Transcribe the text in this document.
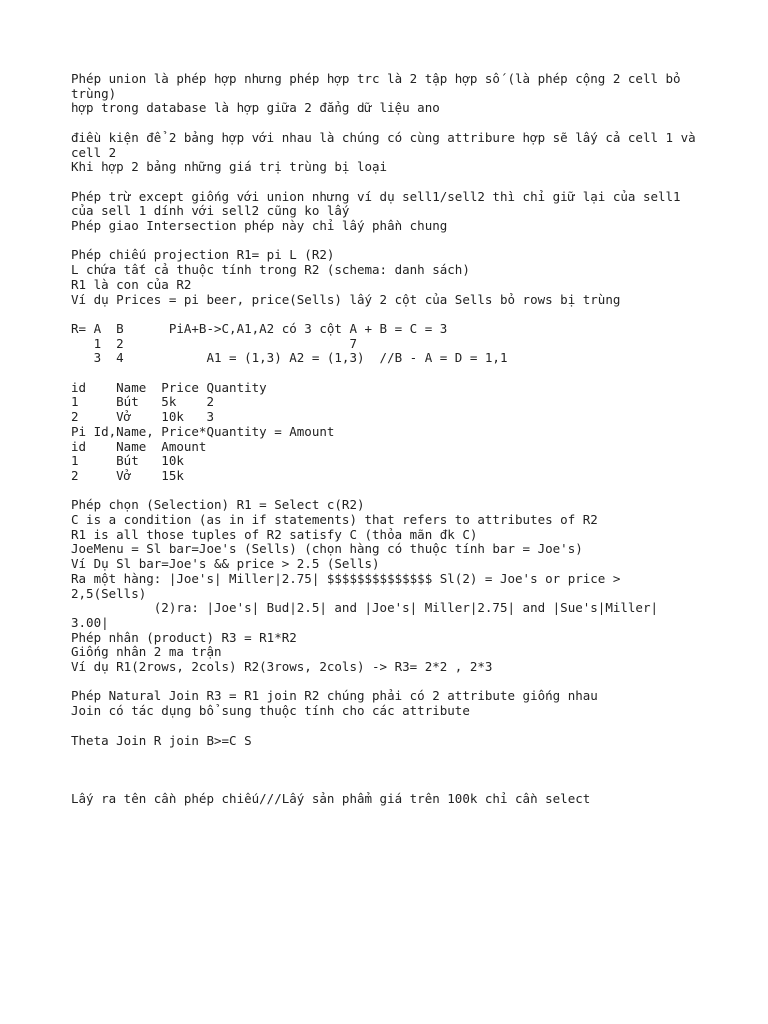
Phép union là phép hợp nhưng phép hợp trc là 2 tập hợp số (là phép cộng 2 cell bỏ
trùng)
hợp trong database là hợp giữa 2 đẳng dữ liệu ano
điều kiện để 2 bảng hợp với nhau là chúng có cùng attribure hợp sẽ lấy cả cell 1 và
cell 2
Khi hợp 2 bảng những giá trị trùng bị loại
Phép trừ except giống với union nhưng ví dụ sell1/sell2 thì chỉ giữ lại của sell1
của sell 1 dính với sell2 cũng ko lấy
Phép giao Intersection phép này chỉ lấy phần chung
Phép chiếu projection R1= pi L (R2)
L chứa tất cả thuộc tính trong R2 (schema: danh sách)
R1 là con của R2
Ví dụ Prices = pi beer, price(Sells) lấy 2 cột của Sells bỏ rows bị trùng
R= A  B      PiA+B->C,A1,A2 có 3 cột A + B = C = 3
1  2                              7
3  4           A1 = (1,3) A2 = (1,3)  //B - A = D = 1,1
id    Name  Price Quantity
1     Bút   5k    2
2     Vở    10k   3
Pi Id,Name, Price*Quantity = Amount
id    Name  Amount
1     Bút   10k
2     Vở    15k
Phép chọn (Selection) R1 = Select c(R2)
C is a condition (as in if statements) that refers to attributes of R2
R1 is all those tuples of R2 satisfy C (thỏa mãn đk C)
JoeMenu = Sl bar=Joe's (Sells) (chọn hàng có thuộc tính bar = Joe's)
Ví Dụ Sl bar=Joe's && price > 2.5 (Sells)
Ra một hàng: |Joe's| Miller|2.75| $$$$$$$$$$$$$$ Sl(2) = Joe's or price >
2,5(Sells)
(2)ra: |Joe's| Bud|2.5| and |Joe's| Miller|2.75| and |Sue's|Miller|
3.00|
Phép nhân (product) R3 = R1*R2
Giống nhân 2 ma trận
Ví dụ R1(2rows, 2cols) R2(3rows, 2cols) -> R3= 2*2 , 2*3
Phép Natural Join R3 = R1 join R2 chúng phải có 2 attribute giống nhau
Join có tác dụng bổ sung thuộc tính cho các attribute
Theta Join R join B>=C S
Lấy ra tên cần phép chiếu///Lấy sản phẩm giá trên 100k chỉ cần select
